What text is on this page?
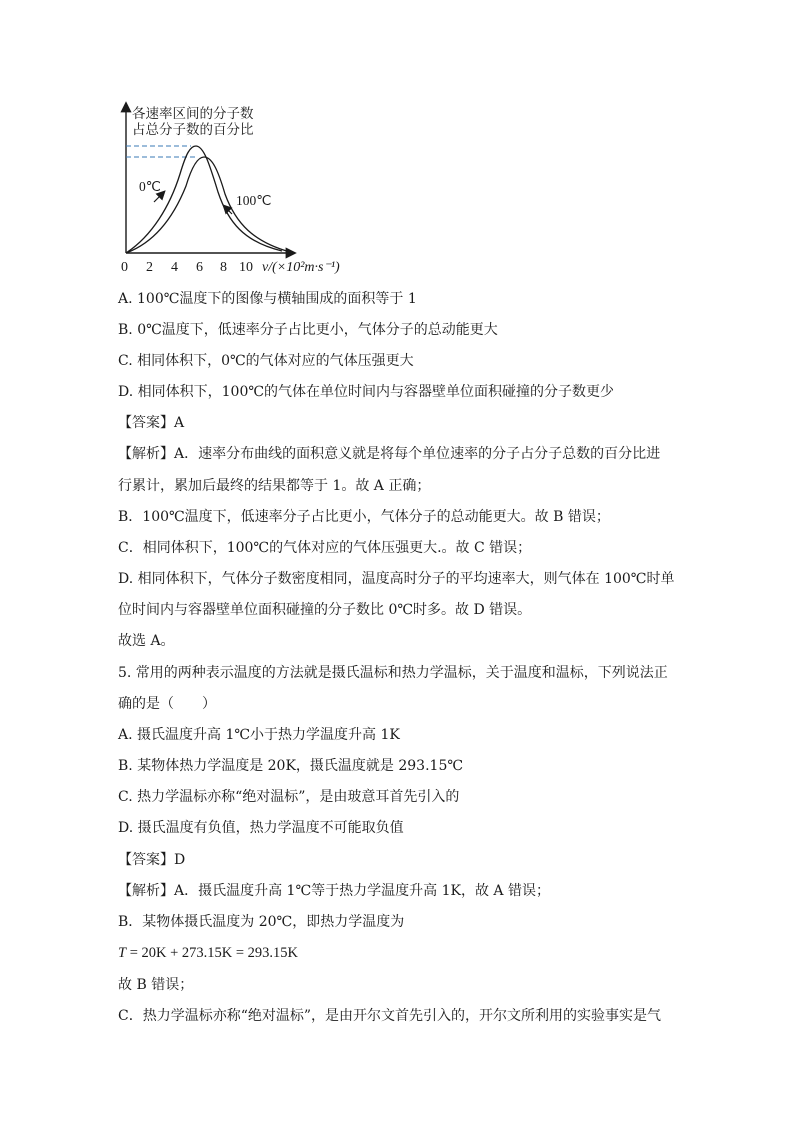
各速率区间的分子数
占总分子数的百分比
0℃
100℃
0 2 4 6 8 10 v/(×10²m·s⁻¹)
A. 100℃温度下的图像与横轴围成的面积等于 1
B. 0℃温度下，低速率分子占比更小，气体分子的总动能更大
C. 相同体积下，0℃的气体对应的气体压强更大
D. 相同体积下，100℃的气体在单位时间内与容器壁单位面积碰撞的分子数更少
【答案】A
【解析】A．速率分布曲线的面积意义就是将每个单位速率的分子占分子总数的百分比进
行累计，累加后最终的结果都等于 1。故 A 正确；
B．100℃温度下，低速率分子占比更小，气体分子的总动能更大。故 B 错误；
C．相同体积下，100℃的气体对应的气体压强更大.。故 C 错误；
D. 相同体积下，气体分子数密度相同，温度高时分子的平均速率大，则气体在 100℃时单
位时间内与容器壁单位面积碰撞的分子数比 0℃时多。故 D 错误。
故选 A。
5. 常用的两种表示温度的方法就是摄氏温标和热力学温标，关于温度和温标，下列说法正
确的是（　　）
A. 摄氏温度升高 1℃小于热力学温度升高 1K
B. 某物体热力学温度是 20K，摄氏温度就是 293.15℃
C. 热力学温标亦称“绝对温标”，是由玻意耳首先引入的
D. 摄氏温度有负值，热力学温度不可能取负值
【答案】D
【解析】A．摄氏温度升高 1℃等于热力学温度升高 1K，故 A 错误；
B．某物体摄氏温度为 20℃，即热力学温度为
T = 20K + 273.15K = 293.15K
故 B 错误；
C．热力学温标亦称“绝对温标”，是由开尔文首先引入的，开尔文所利用的实验事实是气
